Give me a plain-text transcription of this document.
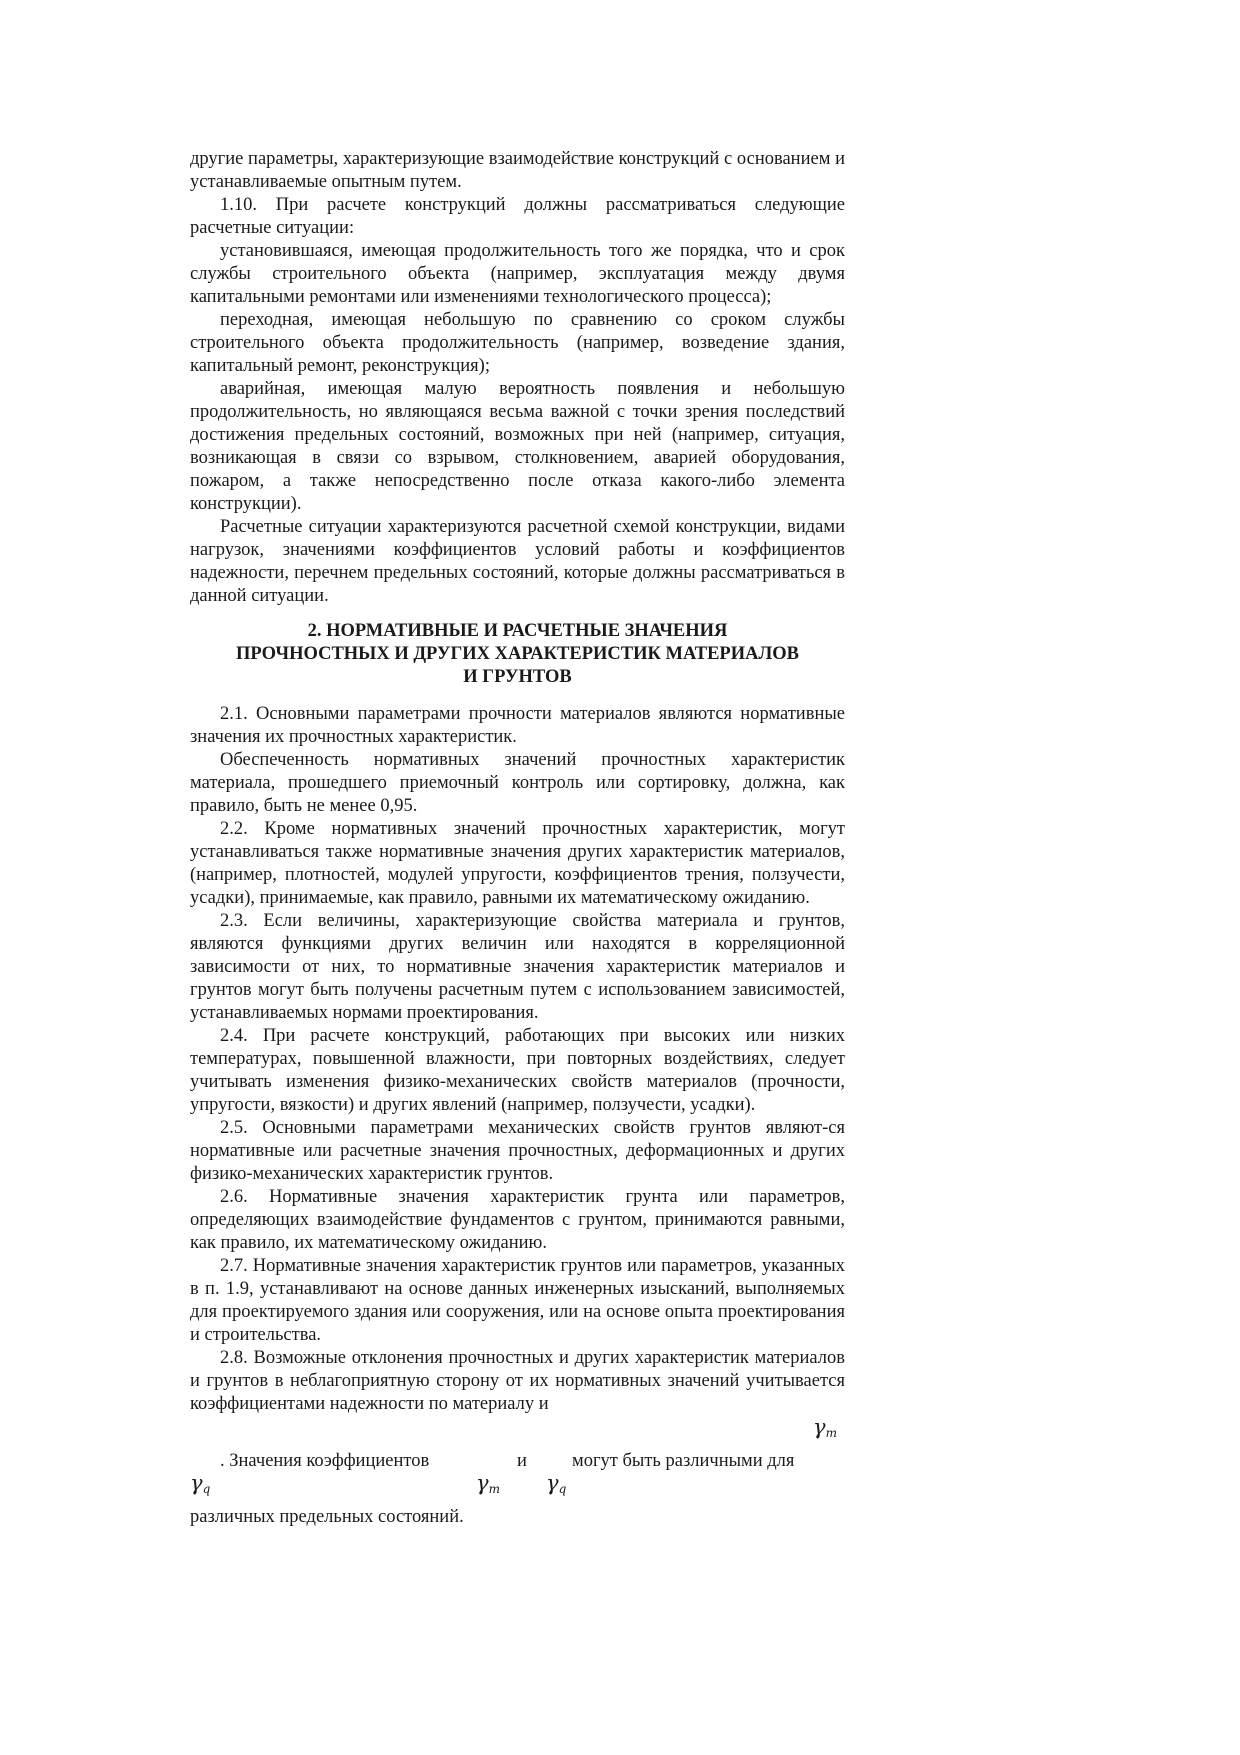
другие параметры, характеризующие взаимодействие конструкций с основанием и устанавливаемые опытным путем.

1.10. При расчете конструкций должны рассматриваться следующие расчетные ситуации:

установившаяся, имеющая продолжительность того же порядка, что и срок службы строительного объекта (например, эксплуатация между двумя капитальными ремонтами или изменениями технологического процесса);

переходная, имеющая небольшую по сравнению со сроком службы строительного объекта продолжительность (например, возведение здания, капитальный ремонт, реконструкция);

аварийная, имеющая малую вероятность появления и небольшую продолжительность, но являющаяся весьма важной с точки зрения последствий достижения предельных состояний, возможных при ней (например, ситуация, возникающая в связи со взрывом, столкновением, аварией оборудования, пожаром, а также непосредственно после отказа какого-либо элемента конструкции).

Расчетные ситуации характеризуются расчетной схемой конструкции, видами нагрузок, значениями коэффициентов условий работы и коэффициентов надежности, перечнем предельных состояний, которые должны рассматриваться в данной ситуации.

2. НОРМАТИВНЫЕ И РАСЧЕТНЫЕ ЗНАЧЕНИЯ
ПРОЧНОСТНЫХ И ДРУГИХ ХАРАКТЕРИСТИК МАТЕРИАЛОВ
И ГРУНТОВ

2.1. Основными параметрами прочности материалов являются нормативные значения их прочностных характеристик.

Обеспеченность нормативных значений прочностных характеристик материала, прошедшего приемочный контроль или сортировку, должна, как правило, быть не менее 0,95.

2.2. Кроме нормативных значений прочностных характеристик, могут устанавливаться также нормативные значения других характеристик материалов, (например, плотностей, модулей упругости, коэффициентов трения, ползучести, усадки), принимаемые, как правило, равными их математическому ожиданию.

2.3. Если величины, характеризующие свойства материала и грунтов, являются функциями других величин или находятся в корреляционной зависимости от них, то нормативные значения характеристик материалов и грунтов могут быть получены расчетным путем с использованием зависимостей, устанавливаемых нормами проектирования.

2.4. При расчете конструкций, работающих при высоких или низких температурах, повышенной влажности, при повторных воздействиях, следует учитывать изменения физико-механических свойств материалов (прочности, упругости, вязкости) и других явлений (например, ползучести, усадки).

2.5. Основными параметрами механических свойств грунтов являют-ся нормативные или расчетные значения прочностных, деформационных и других физико-механических характеристик грунтов.

2.6. Нормативные значения характеристик грунта или параметров, определяющих взаимодействие фундаментов с грунтом, принимаются равными, как правило, их математическому ожиданию.

2.7. Нормативные значения характеристик грунтов или параметров, указанных в п. 1.9, устанавливают на основе данных инженерных изысканий, выполняемых для проектируемого здания или сооружения, или на основе опыта проектирования и строительства.

2.8. Возможные отклонения прочностных и других характеристик материалов и грунтов в неблагоприятную сторону от их нормативных значений учитывается коэффициентами надежности по материалу и

$\gamma_m$
. Значения коэффициентов	и могут быть различными для
$\gamma_q$	$\gamma_m$ $\gamma_q$

различных предельных состояний.
